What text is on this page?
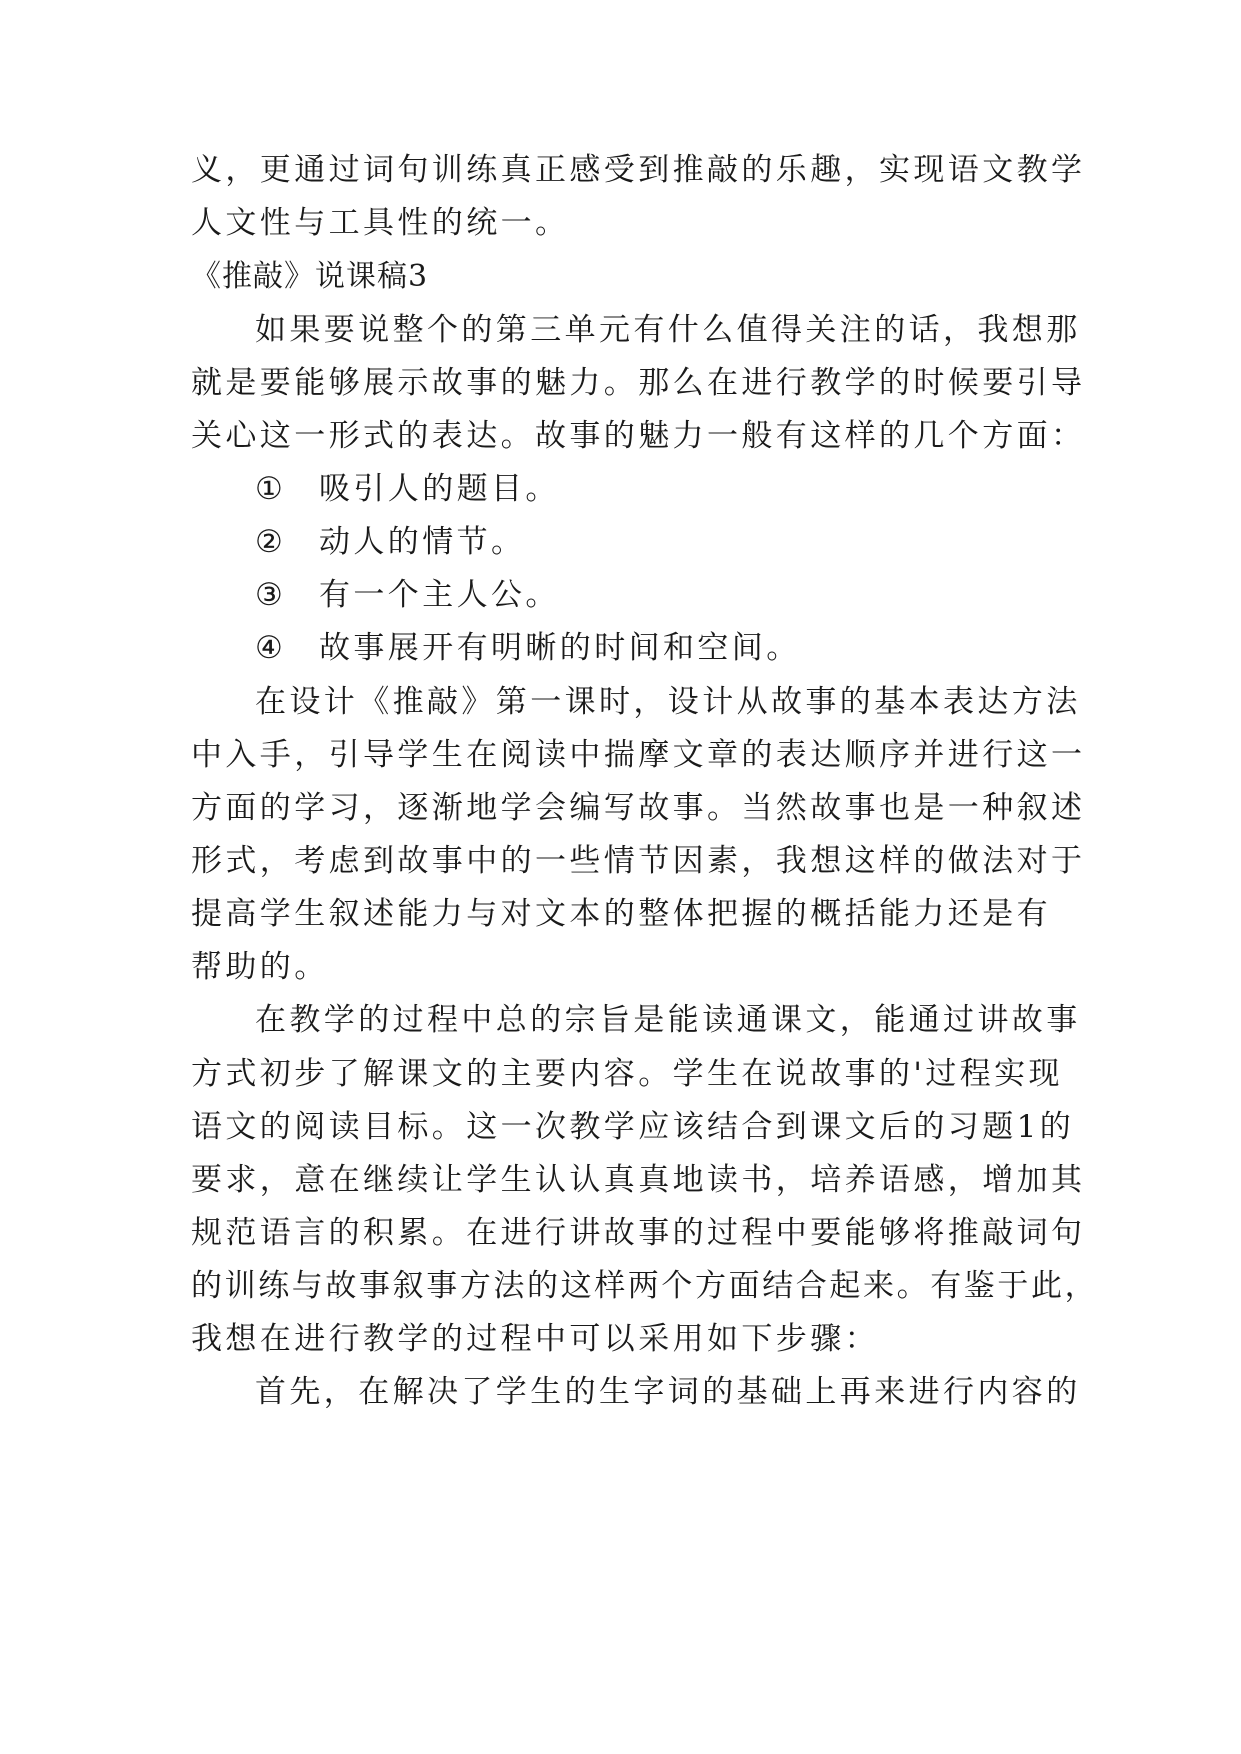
义，更通过词句训练真正感受到推敲的乐趣，实现语文教学
人文性与工具性的统一。
《推敲》说课稿3
如果要说整个的第三单元有什么值得关注的话，我想那
就是要能够展示故事的魅力。那么在进行教学的时候要引导
关心这一形式的表达。故事的魅力一般有这样的几个方面：
① 吸引人的题目。
② 动人的情节。
③ 有一个主人公。
④ 故事展开有明晰的时间和空间。
在设计《推敲》第一课时，设计从故事的基本表达方法
中入手，引导学生在阅读中揣摩文章的表达顺序并进行这一
方面的学习，逐渐地学会编写故事。当然故事也是一种叙述
形式，考虑到故事中的一些情节因素，我想这样的做法对于
提高学生叙述能力与对文本的整体把握的概括能力还是有
帮助的。
在教学的过程中总的宗旨是能读通课文，能通过讲故事
方式初步了解课文的主要内容。学生在说故事的'过程实现
语文的阅读目标。这一次教学应该结合到课文后的习题1的
要求，意在继续让学生认认真真地读书，培养语感，增加其
规范语言的积累。在进行讲故事的过程中要能够将推敲词句
的训练与故事叙事方法的这样两个方面结合起来。有鉴于此，
我想在进行教学的过程中可以采用如下步骤：
首先，在解决了学生的生字词的基础上再来进行内容的
